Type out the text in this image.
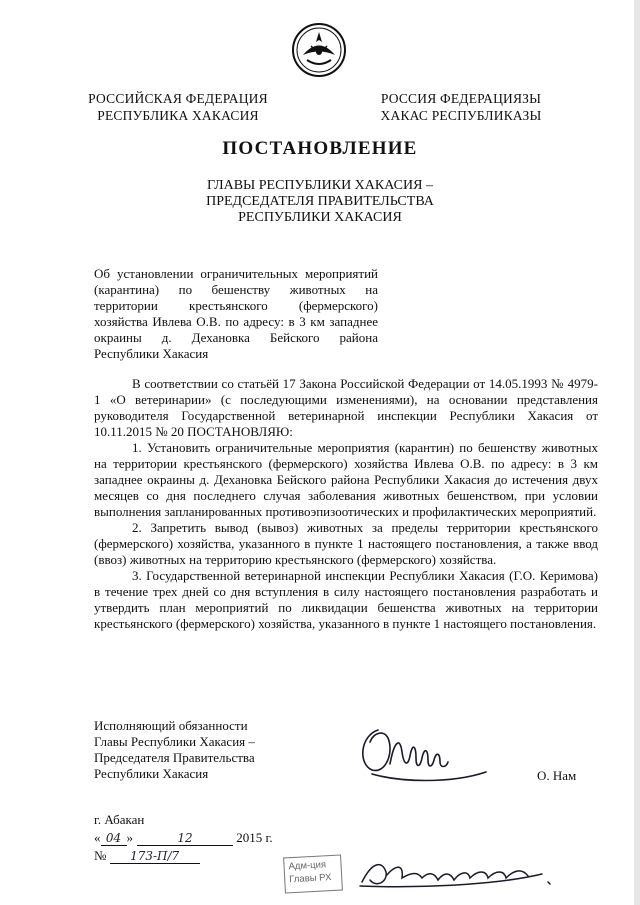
РОССИЙСКАЯ ФЕДЕРАЦИЯ
РЕСПУБЛИКА ХАКАСИЯ
РОССИЯ ФЕДЕРАЦИЯЗЫ
ХАКАС РЕСПУБЛИКАЗЫ
ПОСТАНОВЛЕНИЕ
ГЛАВЫ РЕСПУБЛИКИ ХАКАСИЯ –
ПРЕДСЕДАТЕЛЯ ПРАВИТЕЛЬСТВА
РЕСПУБЛИКИ ХАКАСИЯ
Об установлении ограничительных мероприятий (карантина) по бешенству животных на территории крестьянского (фермерского) хозяйства Ивлева О.В. по адресу: в 3 км западнее окраины д. Дехановка Бейского района Республики Хакасия

В соответствии со статьёй 17 Закона Российской Федерации от 14.05.1993 № 4979-1 «О ветеринарии» (с последующими изменениями), на основании представления руководителя Государственной ветеринарной инспекции Республики Хакасия от 10.11.2015 № 20 ПОСТАНОВЛЯЮ:

1. Установить ограничительные мероприятия (карантин) по бешенству животных на территории крестьянского (фермерского) хозяйства Ивлева О.В. по адресу: в 3 км западнее окраины д. Дехановка Бейского района Республики Хакасия до истечения двух месяцев со дня последнего случая заболевания животных бешенством, при условии выполнения запланированных противоэпизоотических и профилактических мероприятий.

2. Запретить вывод (вывоз) животных за пределы территории крестьянского (фермерского) хозяйства, указанного в пункте 1 настоящего постановления, а также ввод (ввоз) животных на территорию крестьянского (фермерского) хозяйства.

3. Государственной ветеринарной инспекции Республики Хакасия (Г.О. Керимова) в течение трех дней со дня вступления в силу настоящего постановления разработать и утвердить план мероприятий по ликвидации бешенства животных на территории крестьянского (фермерского) хозяйства, указанного в пункте 1 настоящего постановления.

Исполняющий обязанности
Главы Республики Хакасия –
Председателя Правительства
Республики Хакасия	О. Нам
г. Абакан
« 04 »	12	2015 г.
№ 173-П/7
Адм-ция
Главы РХ
